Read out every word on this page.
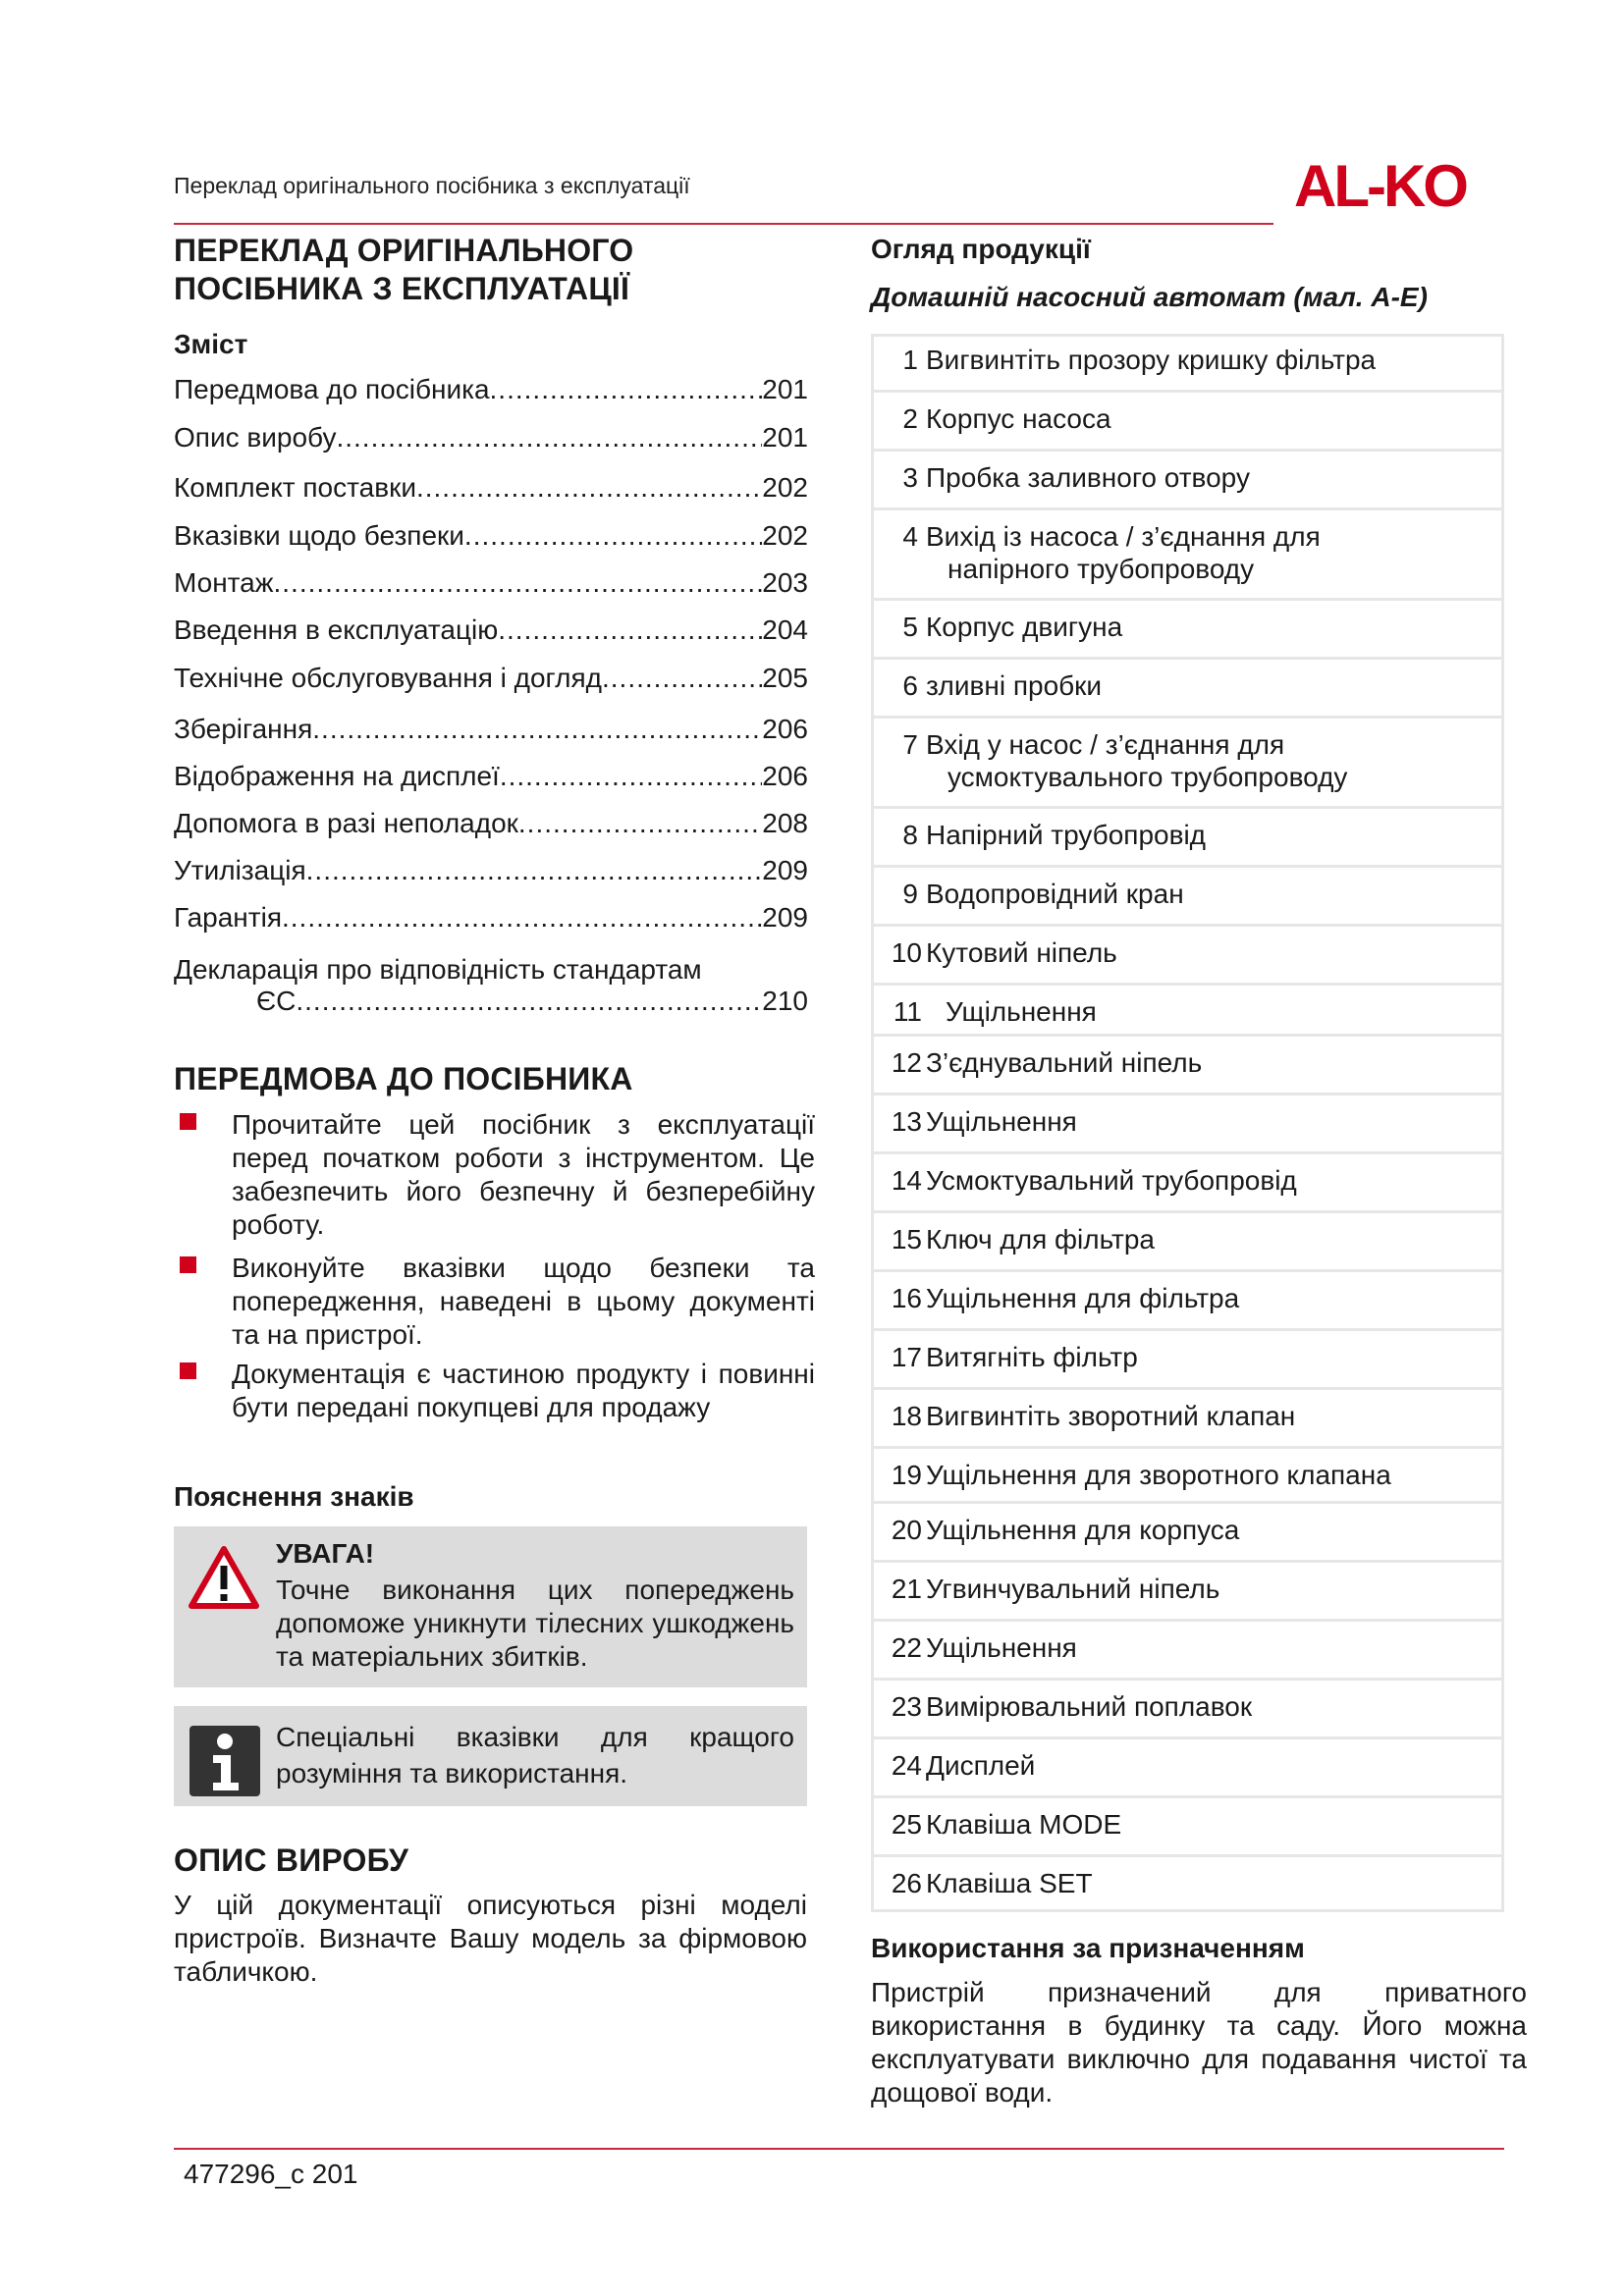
Переклад оригінального посібника з експлуатації	AL-KO
ПЕРЕКЛАД ОРИГІНАЛЬНОГО
ПОСІБНИКА З ЕКСПЛУАТАЦІЇ
Зміст
Передмова до посібника .....	201
Опис виробу .....	201
Комплект поставки .....	202
Вказівки щодо безпеки .....	202
Монтаж .....	203
Введення в експлуатацію .....	204
Технічне обслуговування і догляд .....	205
Зберігання .....	206
Відображення на дисплеї .....	206
Допомога в разі неполадок .....	208
Утилізація .....	209
Гарантія .....	209
Декларація про відповідність стандартам
ЄС .....	210
ПЕРЕДМОВА ДО ПОСІБНИКА
Прочитайте цей посібник з експлуатації перед початком роботи з інструментом. Це забезпечить його безпечну й безперебійну роботу.
Виконуйте вказівки щодо безпеки та попередження, наведені в цьому документі та на пристрої.
Документація є частиною продукту і повинні бути передані покупцеві для продажу
Пояснення знаків
УВАГА!
Точне виконання цих попереджень допоможе уникнути тілесних ушкоджень та матеріальних збитків.
Спеціальні вказівки для кращого розуміння та використання.
ОПИС ВИРОБУ
У цій документації описуються різні моделі пристроїв. Визначте Вашу модель за фірмовою табличкою.
Огляд продукції
Домашній насосний автомат (мал. A-E)
1 Вигвинтіть прозору кришку фільтра
2 Корпус насоса
3 Пробка заливного отвору
4 Вихід із насоса / з’єднання для
напірного трубопроводу
5 Корпус двигуна
6 зливні пробки
7 Вхід у насос / з’єднання для
усмоктувального трубопроводу
8 Напірний трубопровід
9 Водопровідний кран
10 Кутовий ніпель
11 Ущільнення
12 З’єднувальний ніпель
13 Ущільнення
14 Усмоктувальний трубопровід
15 Ключ для фільтра
16 Ущільнення для фільтра
17 Витягніть фільтр
18 Вигвинтіть зворотний клапан
19 Ущільнення для зворотного клапана
20 Ущільнення для корпуса
21 Угвинчувальний ніпель
22 Ущільнення
23 Вимірювальний поплавок
24 Дисплей
25 Клавіша MODE
26 Клавіша SET
Використання за призначенням
Пристрій призначений для приватного використання в будинку та саду. Його можна експлуатувати виключно для подавання чистої та дощової води.
477296_c 201
